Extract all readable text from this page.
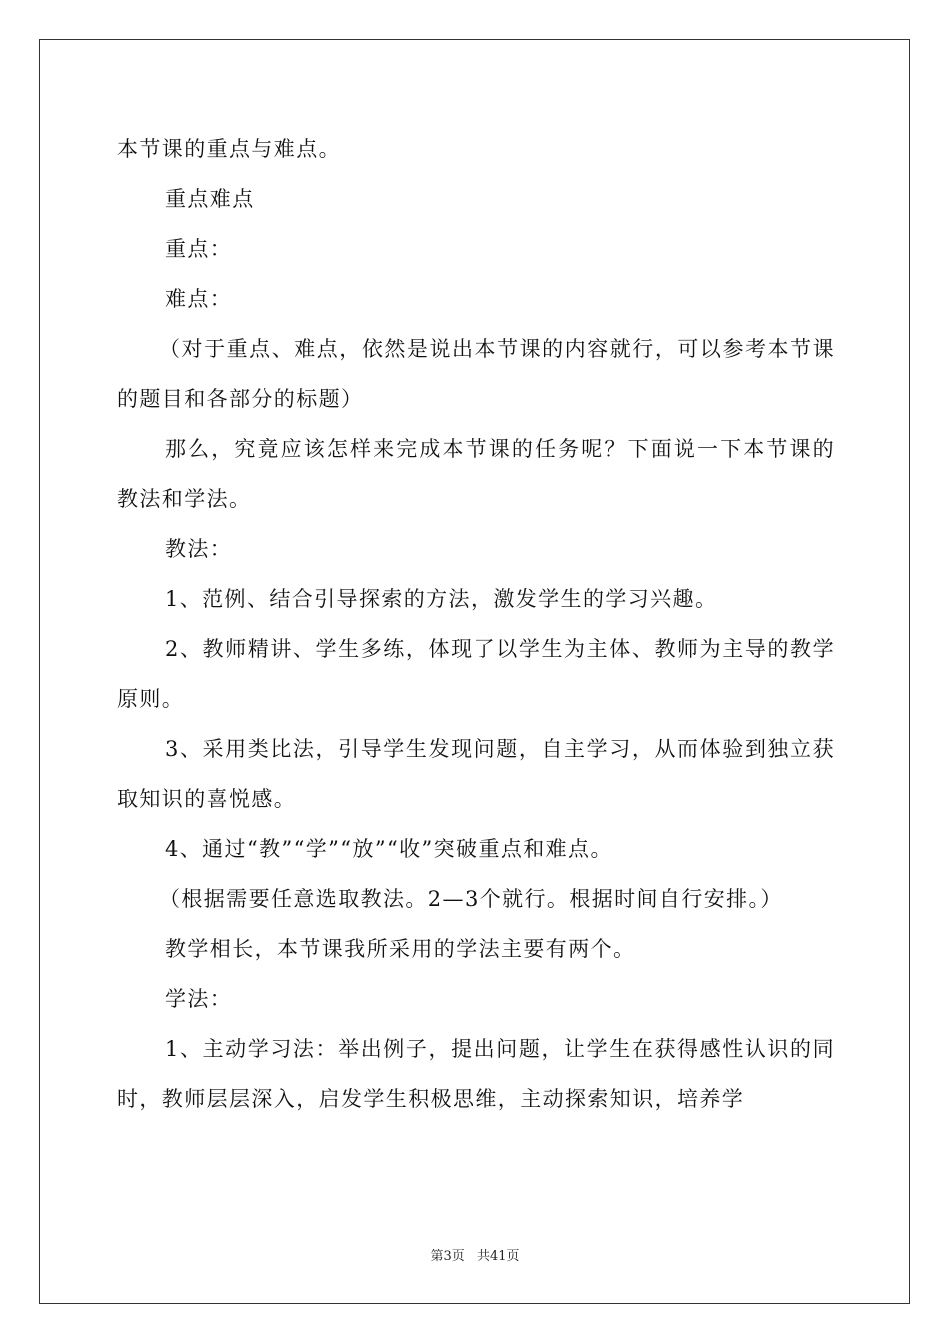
本节课的重点与难点。

重点难点

重点：

难点：

（对于重点、难点，依然是说出本节课的内容就行，可以参考本节课的题目和各部分的标题）

那么，究竟应该怎样来完成本节课的任务呢？下面说一下本节课的教法和学法。

教法：

1、范例、结合引导探索的方法，激发学生的学习兴趣。

2、教师精讲、学生多练，体现了以学生为主体、教师为主导的教学原则。

3、采用类比法，引导学生发现问题，自主学习，从而体验到独立获取知识的喜悦感。

4、通过“教”“学”“放”“收”突破重点和难点。

（根据需要任意选取教法。2—3个就行。根据时间自行安排。）

教学相长，本节课我所采用的学法主要有两个。

学法：

1、主动学习法：举出例子，提出问题，让学生在获得感性认识的同时，教师层层深入，启发学生积极思维，主动探索知识，培养学

第3页 共41页
